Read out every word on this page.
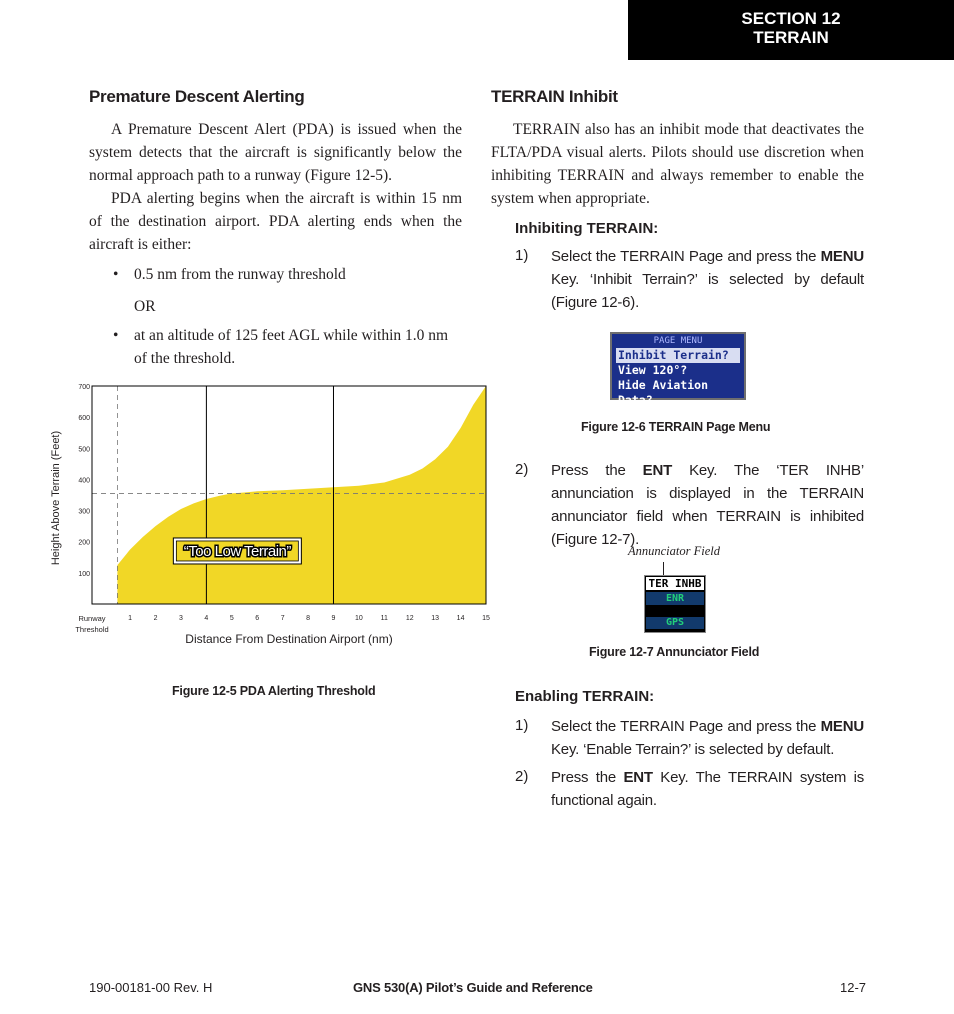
SECTION 12
TERRAIN
Premature Descent Alerting
A Premature Descent Alert (PDA) is issued when the system detects that the aircraft is significantly below the normal approach path to a runway (Figure 12-5).
PDA alerting begins when the aircraft is within 15 nm of the destination airport. PDA alerting ends when the aircraft is either:
• 0.5 nm from the runway threshold
OR
• at an altitude of 125 feet AGL while within 1.0 nm of the threshold.
100
200
300
400
500
600
700
1	2	3	4	5	6	7	8	9	10	11	12	13	14	15
Runway
Threshold
Distance From Destination Airport (nm)
Height Above Terrain (Feet)	“Too Low Terrain”
Figure 12-5 PDA Alerting Threshold
TERRAIN Inhibit
TERRAIN also has an inhibit mode that deactivates the FLTA/PDA visual alerts. Pilots should use discretion when inhibiting TERRAIN and always remember to enable the system when appropriate.
Inhibiting TERRAIN:
1) Select the TERRAIN Page and press the MENU Key. ‘Inhibit Terrain?’ is selected by default (Figure 12-6).
PAGE MENU
Inhibit Terrain?
View 120°?
Hide Aviation Data?
Figure 12-6 TERRAIN Page Menu
2) Press the ENT Key. The ‘TER INHB’ annunciation is displayed in the TERRAIN annunciator field when TERRAIN is inhibited (Figure 12-7).
Annunciator Field
TER INHB
ENR
GPS
Figure 12-7 Annunciator Field
Enabling TERRAIN:
1) Select the TERRAIN Page and press the MENU Key. ‘Enable Terrain?’ is selected by default.
2) Press the ENT Key. The TERRAIN system is functional again.
190-00181-00 Rev. H	GNS 530(A) Pilot’s Guide and Reference	12-7
